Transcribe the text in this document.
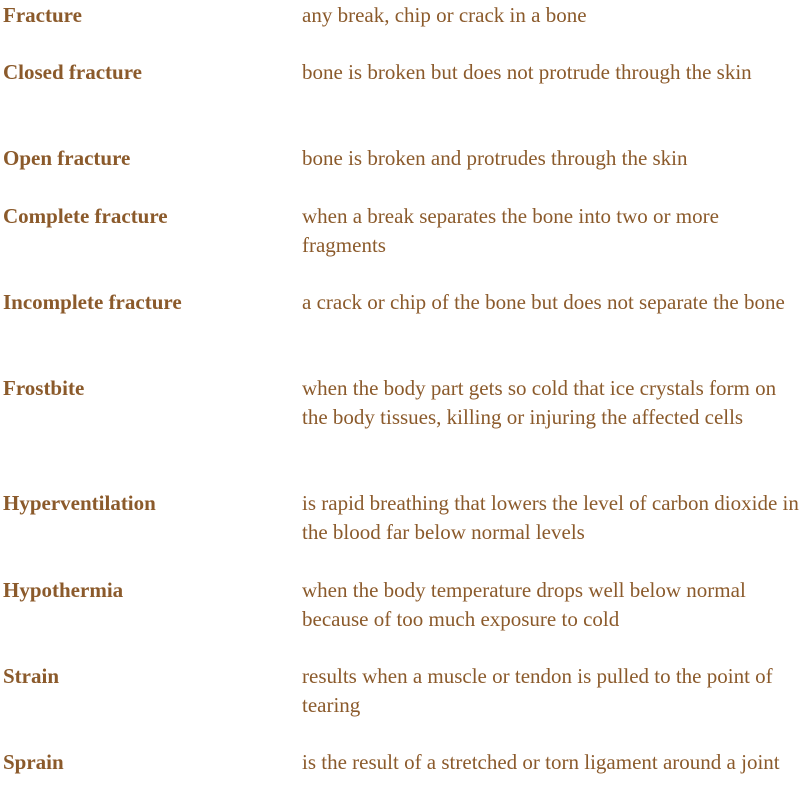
Fracture	any break, chip or crack in a bone
Closed fracture	bone is broken but does not protrude through the skin
Open fracture	bone is broken and protrudes through the skin
Complete fracture	when a break separates the bone into two or more fragments
Incomplete fracture	a crack or chip of the bone but does not separate the bone
Frostbite	when the body part gets so cold that ice crystals form on the body tissues, killing or injuring the affected cells
Hyperventilation	is rapid breathing that lowers the level of carbon dioxide in the blood far below normal levels
Hypothermia	when the body temperature drops well below normal because of too much exposure to cold
Strain	results when a muscle or tendon is pulled to the point of tearing
Sprain	is the result of a stretched or torn ligament around a joint
